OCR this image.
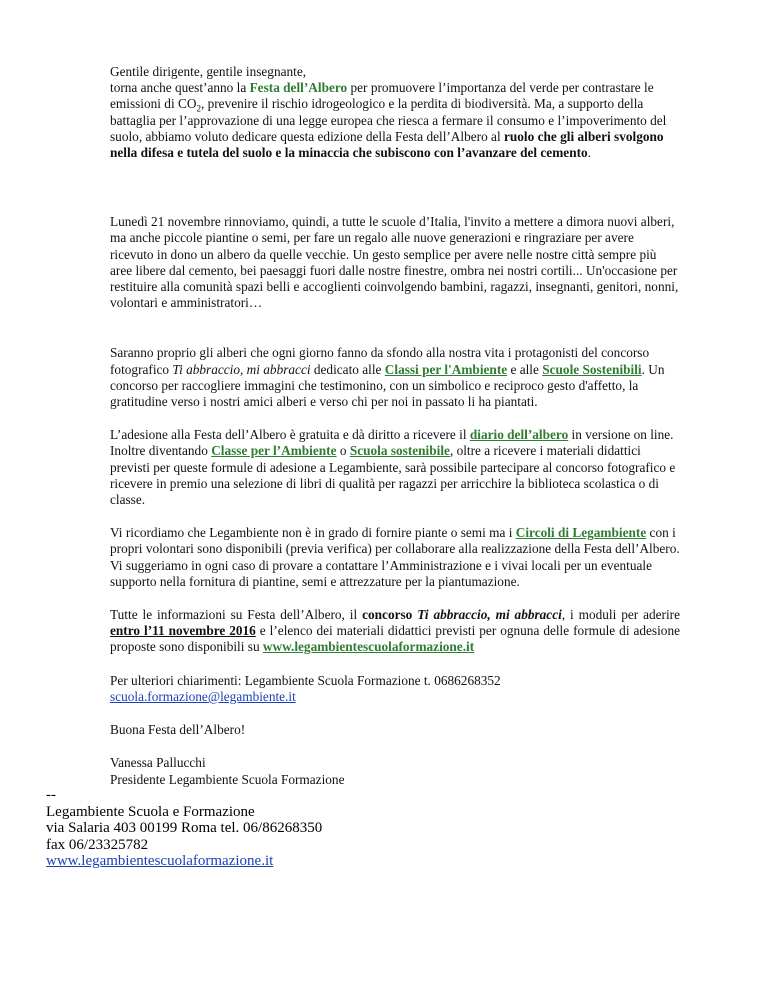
Gentile dirigente, gentile insegnante,
torna anche quest’anno la Festa dell’Albero per promuovere l’importanza del verde per contrastare le emissioni di $CO_2$, prevenire il rischio idrogeologico e la perdita di biodiversità. Ma, a supporto della battaglia per l’approvazione di una legge europea che riesca a fermare il consumo e l’impoverimento del suolo, abbiamo voluto dedicare questa edizione della Festa dell’Albero al ruolo che gli alberi svolgono nella difesa e tutela del suolo e la minaccia che subiscono con l’avanzare del cemento.

Lunedì 21 novembre rinnoviamo, quindi, a tutte le scuole d’Italia, l'invito a mettere a dimora nuovi alberi, ma anche piccole piantine o semi, per fare un regalo alle nuove generazioni e ringraziare per avere ricevuto in dono un albero da quelle vecchie. Un gesto semplice per avere nelle nostre città sempre più aree libere dal cemento, bei paesaggi fuori dalle nostre finestre, ombra nei nostri cortili... Un'occasione per restituire alla comunità spazi belli e accoglienti coinvolgendo bambini, ragazzi, insegnanti, genitori, nonni, volontari e amministratori…

Saranno proprio gli alberi che ogni giorno fanno da sfondo alla nostra vita i protagonisti del concorso fotografico Ti abbraccio, mi abbracci dedicato alle Classi per l'Ambiente e alle Scuole Sostenibili. Un concorso per raccogliere immagini che testimonino, con un simbolico e reciproco gesto d'affetto, la gratitudine verso i nostri amici alberi e verso chi per noi in passato li ha piantati.

L’adesione alla Festa dell’Albero è gratuita e dà diritto a ricevere il diario dell’albero in versione on line. Inoltre diventando Classe per l’Ambiente o Scuola sostenibile, oltre a ricevere i materiali didattici previsti per queste formule di adesione a Legambiente, sarà possibile partecipare al concorso fotografico e ricevere in premio una selezione di libri di qualità per ragazzi per arricchire la biblioteca scolastica o di classe.

Vi ricordiamo che Legambiente non è in grado di fornire piante o semi ma i Circoli di Legambiente con i propri volontari sono disponibili (previa verifica) per collaborare alla realizzazione della Festa dell’Albero. Vi suggeriamo in ogni caso di provare a contattare l’Amministrazione e i vivai locali per un eventuale supporto nella fornitura di piantine, semi e attrezzature per la piantumazione.

Tutte le informazioni su Festa dell’Albero, il concorso Ti abbraccio, mi abbracci, i moduli per aderire entro l’11 novembre 2016 e l’elenco dei materiali didattici previsti per ognuna delle formule di adesione proposte sono disponibili su www.legambientescuolaformazione.it

Per ulteriori chiarimenti: Legambiente Scuola Formazione t. 0686268352 scuola.formazione@legambiente.it

Buona Festa dell’Albero!

Vanessa Pallucchi
Presidente Legambiente Scuola Formazione

--
Legambiente Scuola e Formazione
via Salaria 403 00199 Roma tel. 06/86268350
fax 06/23325782
www.legambientescuolaformazione.it
